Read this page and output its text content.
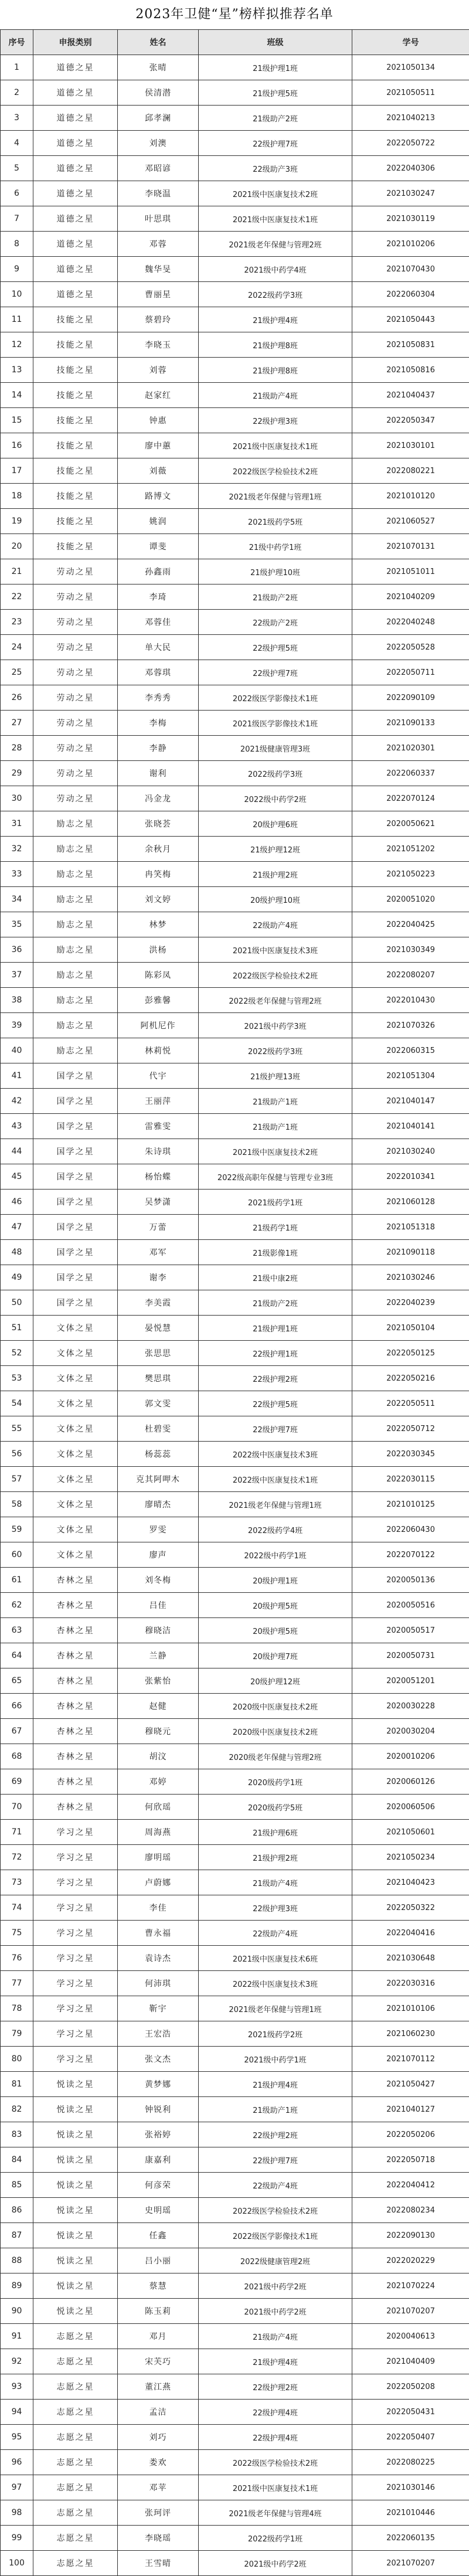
2023年卫健“星”榜样拟推荐名单
序号	申报类别	姓名	班级	学号
1	道德之星	张晴	21级护理1班	2021050134
2	道德之星	侯清潜	21级护理5班	2021050511
3	道德之星	邱孝澜	21级助产2班	2021040213
4	道德之星	刘澳	22级护理7班	2022050722
5	道德之星	邓昭谚	22级助产3班	2022040306
6	道德之星	李晓温	2021级中医康复技术2班	2021030247
7	道德之星	叶思琪	2021级中医康复技术1班	2021030119
8	道德之星	邓蓉	2021级老年保健与管理2班	2021010206
9	道德之星	魏华旻	2021级中药学4班	2021070430
10	道德之星	曹丽星	2022级药学3班	2022060304
11	技能之星	蔡碧玲	21级护理4班	2021050443
12	技能之星	李晓玉	21级护理8班	2021050831
13	技能之星	刘蓉	21级护理8班	2021050816
14	技能之星	赵家红	21级助产4班	2021040437
15	技能之星	钟惠	22级护理3班	2022050347
16	技能之星	廖中蕙	2021级中医康复技术1班	2021030101
17	技能之星	刘薇	2022级医学检验技术2班	2022080221
18	技能之星	路博文	2021级老年保健与管理1班	2021010120
19	技能之星	姚润	2021级药学5班	2021060527
20	技能之星	谭斐	21级中药学1班	2021070131
21	劳动之星	孙鑫雨	21级护理10班	2021051011
22	劳动之星	李琦	21级助产2班	2021040209
23	劳动之星	邓蓉佳	22级助产2班	2022040248
24	劳动之星	单大民	22级护理5班	2022050528
25	劳动之星	邓蓉琪	22级护理7班	2022050711
26	劳动之星	李秀秀	2022级医学影像技术1班	2022090109
27	劳动之星	李梅	2021级医学影像技术1班	2021090133
28	劳动之星	李静	2021级健康管理3班	2021020301
29	劳动之星	谢利	2022级药学3班	2022060337
30	劳动之星	冯金龙	2022级中药学2班	2022070124
31	励志之星	张晓荟	20级护理6班	2020050621
32	励志之星	余秋月	21级护理12班	2021051202
33	励志之星	冉笑梅	21级护理2班	2021050223
34	励志之星	刘文婷	20级护理10班	2020051020
35	励志之星	林梦	22级助产4班	2022040425
36	励志之星	洪杨	2021级中医康复技术3班	2021030349
37	励志之星	陈彩凤	2022级医学检验技术2班	2022080207
38	励志之星	彭雅馨	2022级老年保健与管理2班	2022010430
39	励志之星	阿机尼作	2021级中药学3班	2021070326
40	励志之星	林莉悦	2022级药学3班	2022060315
41	国学之星	代宇	21级护理13班	2021051304
42	国学之星	王丽萍	21级助产1班	2021040147
43	国学之星	雷雅雯	21级助产1班	2021040141
44	国学之星	朱诗琪	2021级中医康复技术2班	2021030240
45	国学之星	杨怡蝶	2022级高职年保健与管理专业3班	2022010341
46	国学之星	吴梦潇	2021级药学1班	2021060128
47	国学之星	万蕾	21级药学1班	2021051318
48	国学之星	邓军	21级影像1班	2021090118
49	国学之星	谢李	21级中康2班	2021030246
50	国学之星	李美霞	21级助产2班	2022040239
51	文体之星	晏悦慧	21级护理1班	2021050104
52	文体之星	张思思	22级护理1班	2022050125
53	文体之星	樊思琪	22级护理2班	2022050216
54	文体之星	郭文雯	22级护理5班	2022050511
55	文体之星	杜碧雯	22级护理7班	2022050712
56	文体之星	杨蕊蕊	2022级中医康复技术3班	2022030345
57	文体之星	克其阿呷木	2022级中医康复技术1班	2022030115
58	文体之星	廖晴杰	2021级老年保健与管理1班	2021010125
59	文体之星	罗雯	2022级药学4班	2022060430
60	文体之星	廖声	2022级中药学1班	2022070122
61	杏林之星	刘冬梅	20级护理1班	2020050136
62	杏林之星	吕佳	20级护理5班	2020050516
63	杏林之星	穆晓洁	20级护理5班	2020050517
64	杏林之星	兰静	20级护理7班	2020050731
65	杏林之星	张紫怡	20级护理12班	2020051201
66	杏林之星	赵健	2020级中医康复技术2班	2020030228
67	杏林之星	穆晓元	2020级中医康复技术2班	2020030204
68	杏林之星	胡汶	2020级老年保健与管理2班	2020010206
69	杏林之星	邓婷	2020级药学1班	2020060126
70	杏林之星	何欣瑶	2020级药学5班	2020060506
71	学习之星	周海燕	21级护理6班	2021050601
72	学习之星	廖明瑶	21级护理2班	2021050234
73	学习之星	卢蔚娜	21级助产4班	2021040423
74	学习之星	李佳	22级护理3班	2022050322
75	学习之星	曹永福	22级助产4班	2022040416
76	学习之星	袁诗杰	2021级中医康复技术6班	2021030648
77	学习之星	何沛琪	2022级中医康复技术3班	2022030316
78	学习之星	靳宇	2021级老年保健与管理1班	2021010106
79	学习之星	王宏浩	2021级药学2班	2021060230
80	学习之星	张文杰	2021级中药学1班	2021070112
81	悦读之星	黄梦娜	21级护理4班	2021050427
82	悦读之星	钟锐利	21级助产1班	2021040127
83	悦读之星	张裕婷	22级护理2班	2022050206
84	悦读之星	康嘉利	22级护理7班	2022050718
85	悦读之星	何彦荣	22级助产4班	2022040412
86	悦读之星	史明瑶	2022级医学检验技术2班	2022080234
87	悦读之星	任鑫	2022级医学影像技术1班	2022090130
88	悦读之星	吕小丽	2022级健康管理2班	2022020229
89	悦读之星	蔡慧	2021级中药学2班	2021070224
90	悦读之星	陈玉莉	2021级中药学2班	2021070207
91	志愿之星	邓月	21级助产4班	2020040613
92	志愿之星	宋芙巧	21级护理4班	2021040409
93	志愿之星	董江燕	22级护理2班	2022050208
94	志愿之星	孟洁	22级护理4班	2022050431
95	志愿之星	刘巧	22级护理4班	2022050407
96	志愿之星	娄欢	2022级医学检验技术2班	2022080225
97	志愿之星	邓苹	2021级中医康复技术1班	2021030146
98	志愿之星	张珂评	2021级老年保健与管理4班	2021010446
99	志愿之星	李晓瑶	2022级药学1班	2022060135
100	志愿之星	王雪晴	2021级中药学2班	2021070207
